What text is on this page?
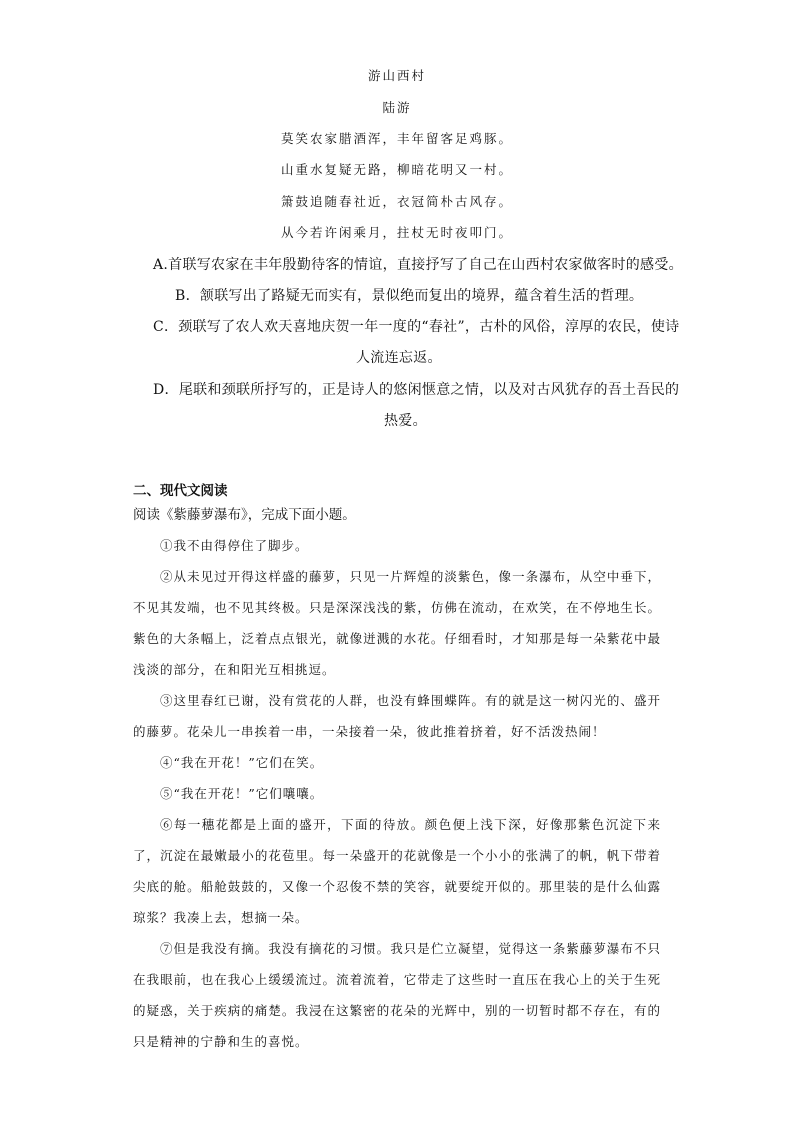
游山西村
陆游
莫笑农家腊酒浑，丰年留客足鸡豚。
山重水复疑无路，柳暗花明又一村。
箫鼓追随春社近，衣冠简朴古风存。
从今若许闲乘月，拄杖无时夜叩门。
A.首联写农家在丰年殷勤待客的情谊，直接抒写了自己在山西村农家做客时的感受。
B．颔联写出了路疑无而实有，景似绝而复出的境界，蕴含着生活的哲理。
C．颈联写了农人欢天喜地庆贺一年一度的“春社”，古朴的风俗，淳厚的农民，使诗
人流连忘返。
D．尾联和颈联所抒写的，正是诗人的悠闲惬意之情，以及对古风犹存的吾土吾民的
热爱。
二、现代文阅读
阅读《紫藤萝瀑布》，完成下面小题。

①我不由得停住了脚步。

②从未见过开得这样盛的藤萝，只见一片辉煌的淡紫色，像一条瀑布，从空中垂下，不见其发端，也不见其终极。只是深深浅浅的紫，仿佛在流动，在欢笑，在不停地生长。紫色的大条幅上，泛着点点银光，就像迸溅的水花。仔细看时，才知那是每一朵紫花中最浅淡的部分，在和阳光互相挑逗。

③这里春红已谢，没有赏花的人群，也没有蜂围蝶阵。有的就是这一树闪光的、盛开的藤萝。花朵儿一串挨着一串，一朵接着一朵，彼此推着挤着，好不活泼热闹！

④“我在开花！”它们在笑。

⑤“我在开花！”它们嚷嚷。

⑥每一穗花都是上面的盛开，下面的待放。颜色便上浅下深，好像那紫色沉淀下来了，沉淀在最嫩最小的花苞里。每一朵盛开的花就像是一个小小的张满了的帆，帆下带着尖底的舱。船舱鼓鼓的，又像一个忍俊不禁的笑容，就要绽开似的。那里装的是什么仙露琼浆？我凑上去，想摘一朵。

⑦但是我没有摘。我没有摘花的习惯。我只是伫立凝望，觉得这一条紫藤萝瀑布不只在我眼前，也在我心上缓缓流过。流着流着，它带走了这些时一直压在我心上的关于生死的疑惑，关于疾病的痛楚。我浸在这繁密的花朵的光辉中，别的一切暂时都不存在，有的只是精神的宁静和生的喜悦。
